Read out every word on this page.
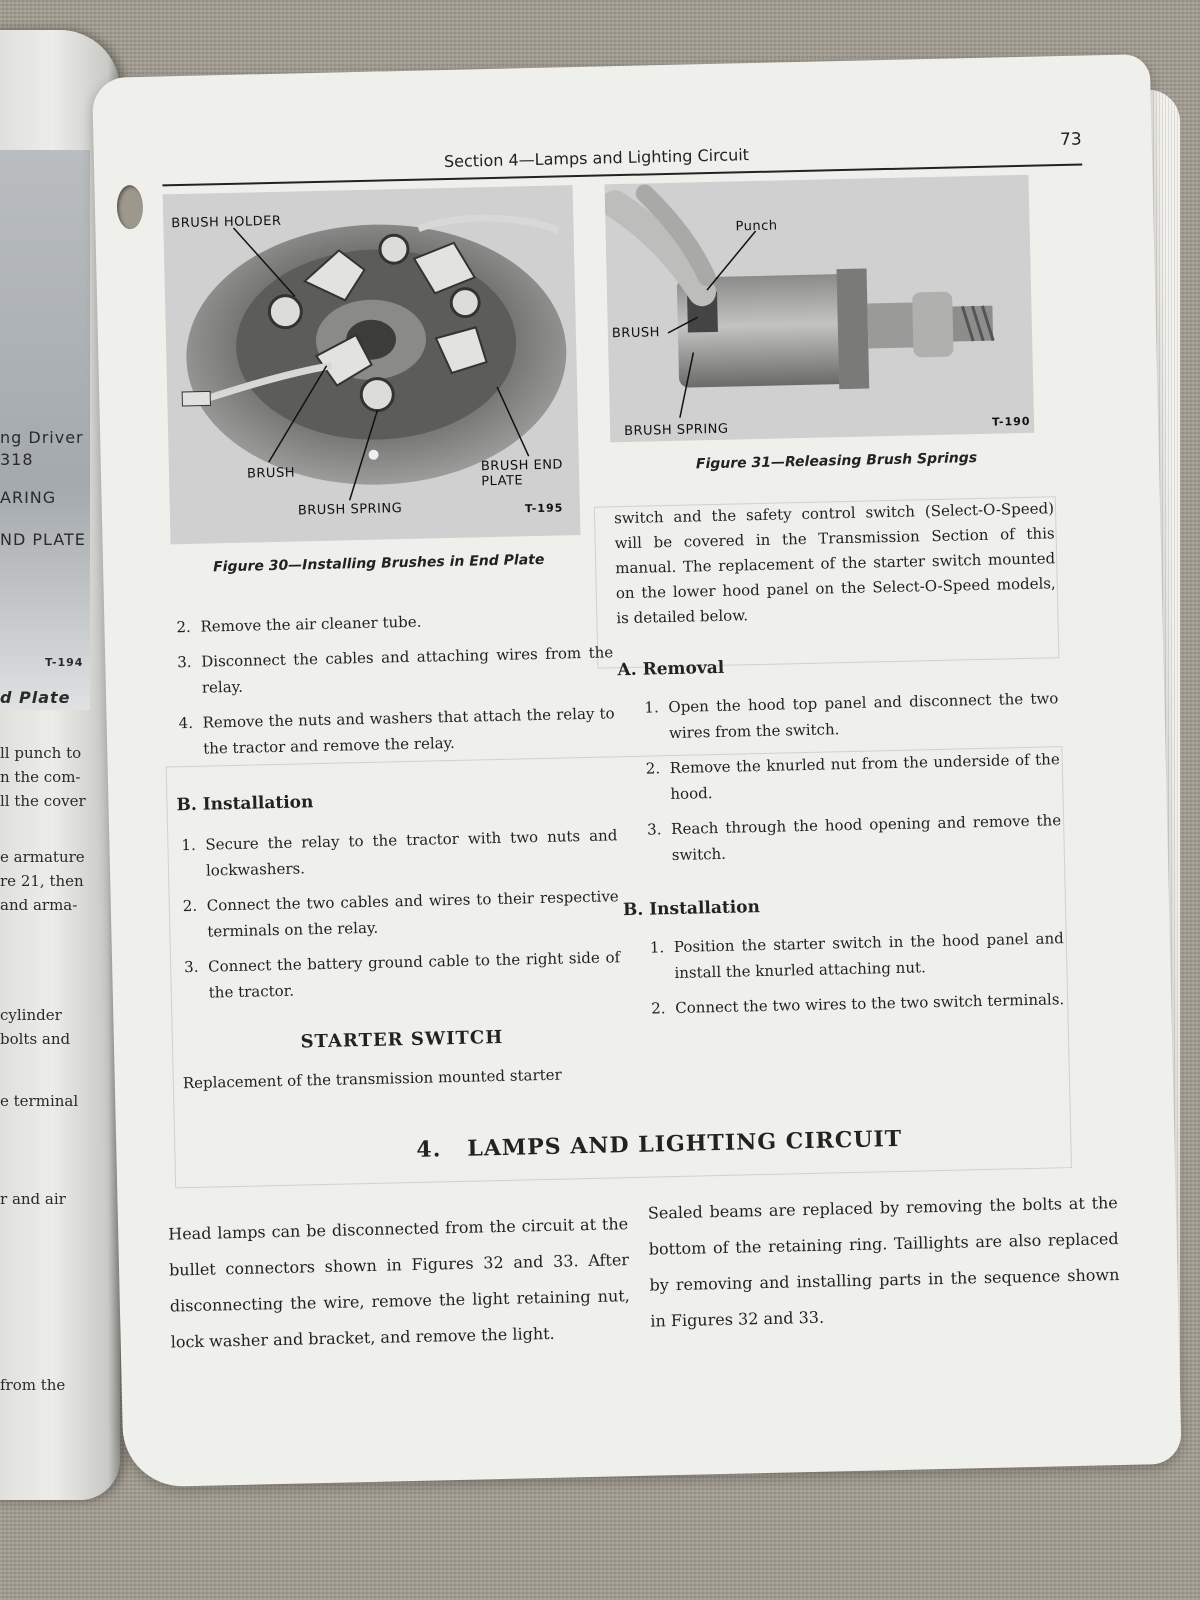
ng Driver
318
ARING
ND PLATE
T-194
d Plate
ll punch to
n the com-
ll the cover
e armature
re 21, then
and arma-
cylinder
bolts and
e terminal
r and air
from the
Section 4—Lamps and Lighting Circuit
73
BRUSH HOLDER
BRUSH	BRUSH END PLATE
BRUSH SPRING	T-195
Figure 30—Installing Brushes in End Plate
Punch
BRUSH
BRUSH SPRING	T-190
Figure 31—Releasing Brush Springs
2. Remove the air cleaner tube.
3. Disconnect the cables and attaching wires from the relay.
4. Remove the nuts and washers that attach the relay to the tractor and remove the relay.
B. Installation
1. Secure the relay to the tractor with two nuts and lockwashers.
2. Connect the two cables and wires to their respective terminals on the relay.
3. Connect the battery ground cable to the right side of the tractor.
STARTER SWITCH
Replacement of the transmission mounted starter
switch and the safety control switch (Select-O-Speed) will be covered in the Transmission Section of this manual. The replacement of the starter switch mounted on the lower hood panel on the Select-O-Speed models, is detailed below.
A. Removal
1. Open the hood top panel and disconnect the two wires from the switch.
2. Remove the knurled nut from the underside of the hood.
3. Reach through the hood opening and remove the switch.
B. Installation
1. Position the starter switch in the hood panel and install the knurled attaching nut.
2. Connect the two wires to the two switch terminals.
4. LAMPS AND LIGHTING CIRCUIT
Head lamps can be disconnected from the circuit at the bullet connectors shown in Figures 32 and 33. After disconnecting the wire, remove the light retaining nut, lock washer and bracket, and remove the light.
Sealed beams are replaced by removing the bolts at the bottom of the retaining ring. Taillights are also replaced by removing and installing parts in the sequence shown in Figures 32 and 33.
